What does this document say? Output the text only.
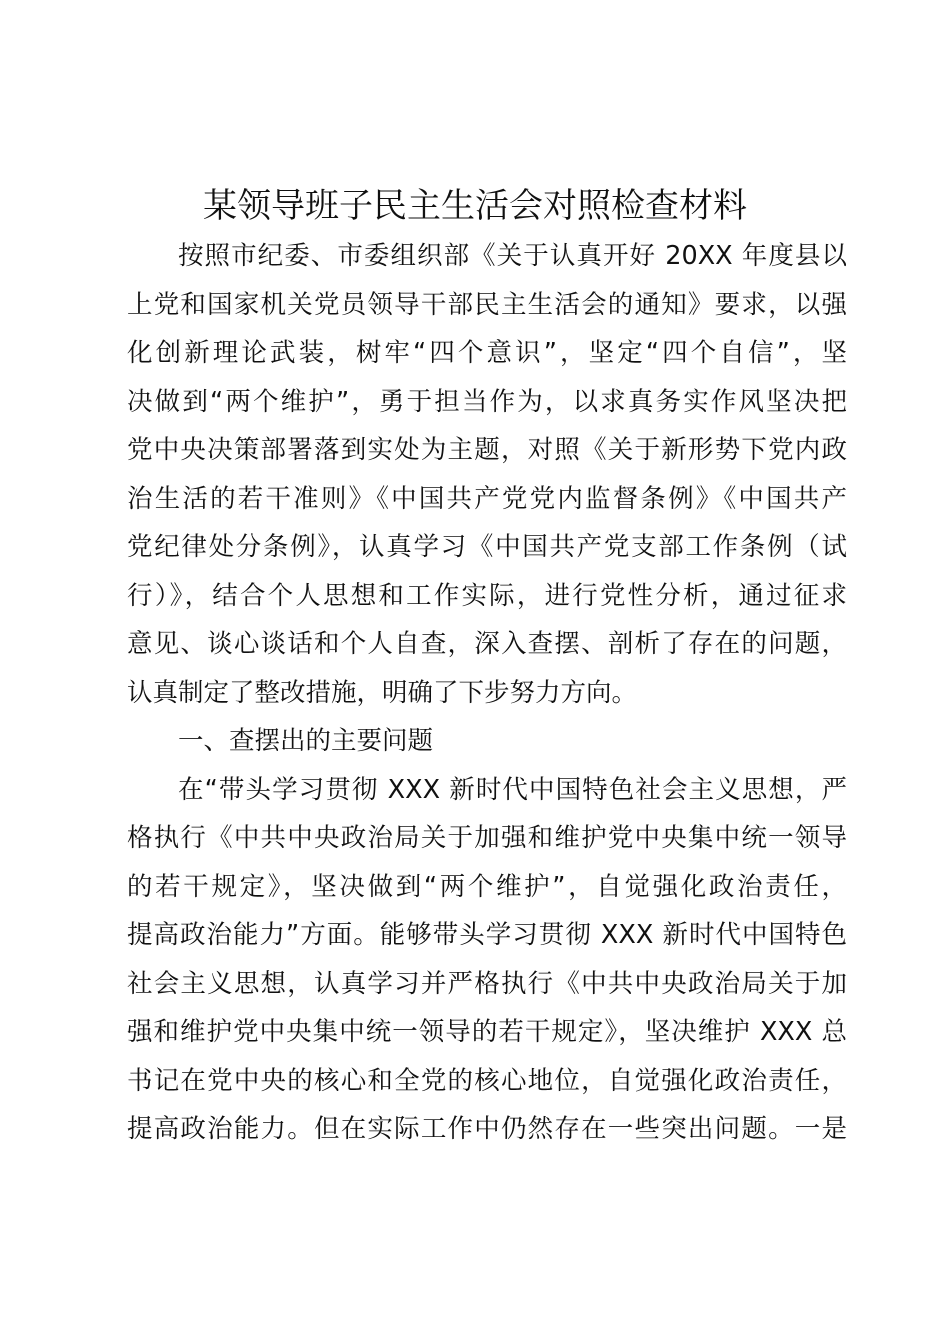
某领导班子民主生活会对照检查材料
按照市纪委、市委组织部《关于认真开好 20XX 年度县以
上党和国家机关党员领导干部民主生活会的通知》要求，以强
化创新理论武装，树牢“四个意识”，坚定“四个自信”，坚
决做到“两个维护”，勇于担当作为，以求真务实作风坚决把
党中央决策部署落到实处为主题，对照《关于新形势下党内政
治生活的若干准则》《中国共产党党内监督条例》《中国共产
党纪律处分条例》，认真学习《中国共产党支部工作条例（试
行）》，结合个人思想和工作实际，进行党性分析，通过征求
意见、谈心谈话和个人自查，深入查摆、剖析了存在的问题，
认真制定了整改措施，明确了下步努力方向。
一、查摆出的主要问题
在“带头学习贯彻 XXX 新时代中国特色社会主义思想，严
格执行《中共中央政治局关于加强和维护党中央集中统一领导
的若干规定》，坚决做到“两个维护”，自觉强化政治责任，
提高政治能力”方面。能够带头学习贯彻 XXX 新时代中国特色
社会主义思想，认真学习并严格执行《中共中央政治局关于加
强和维护党中央集中统一领导的若干规定》，坚决维护 XXX 总
书记在党中央的核心和全党的核心地位，自觉强化政治责任，
提高政治能力。但在实际工作中仍然存在一些突出问题。一是
